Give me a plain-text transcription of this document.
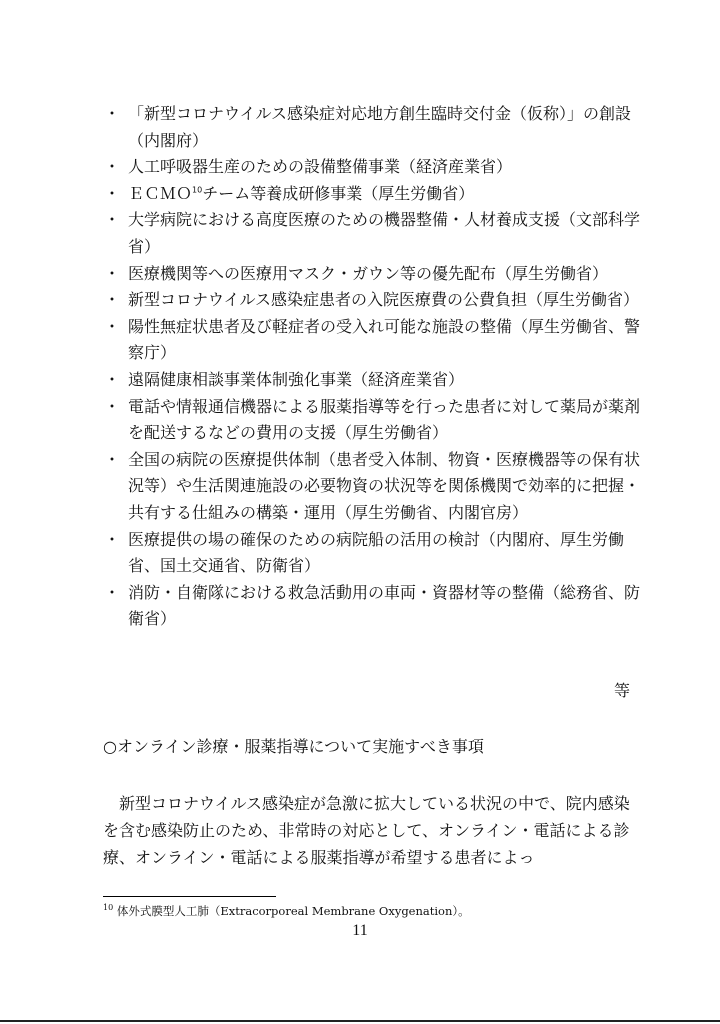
・ 「新型コロナウイルス感染症対応地方創生臨時交付金（仮称）」の創設（内閣府）
・ 人工呼吸器生産のための設備整備事業（経済産業省）
・ ＥＣＭＯ$^{10}$チーム等養成研修事業（厚生労働省）
・ 大学病院における高度医療のための機器整備・人材養成支援（文部科学省）
・ 医療機関等への医療用マスク・ガウン等の優先配布（厚生労働省）
・ 新型コロナウイルス感染症患者の入院医療費の公費負担（厚生労働省）
・ 陽性無症状患者及び軽症者の受入れ可能な施設の整備（厚生労働省、警察庁）
・ 遠隔健康相談事業体制強化事業（経済産業省）
・ 電話や情報通信機器による服薬指導等を行った患者に対して薬局が薬剤を配送するなどの費用の支援（厚生労働省）
・ 全国の病院の医療提供体制（患者受入体制、物資・医療機器等の保有状況等）や生活関連施設の必要物資の状況等を関係機関で効率的に把握・共有する仕組みの構築・運用（厚生労働省、内閣官房）
・ 医療提供の場の確保のための病院船の活用の検討（内閣府、厚生労働省、国土交通省、防衛省）
・ 消防・自衛隊における救急活動用の車両・資器材等の整備（総務省、防衛省）
等
○オンライン診療・服薬指導について実施すべき事項
新型コロナウイルス感染症が急激に拡大している状況の中で、院内感染を含む感染防止のため、非常時の対応として、オンライン・電話による診療、オンライン・電話による服薬指導が希望する患者によっ
$^{10}$ 体外式膜型人工肺（Extracorporeal Membrane Oxygenation）。
11
